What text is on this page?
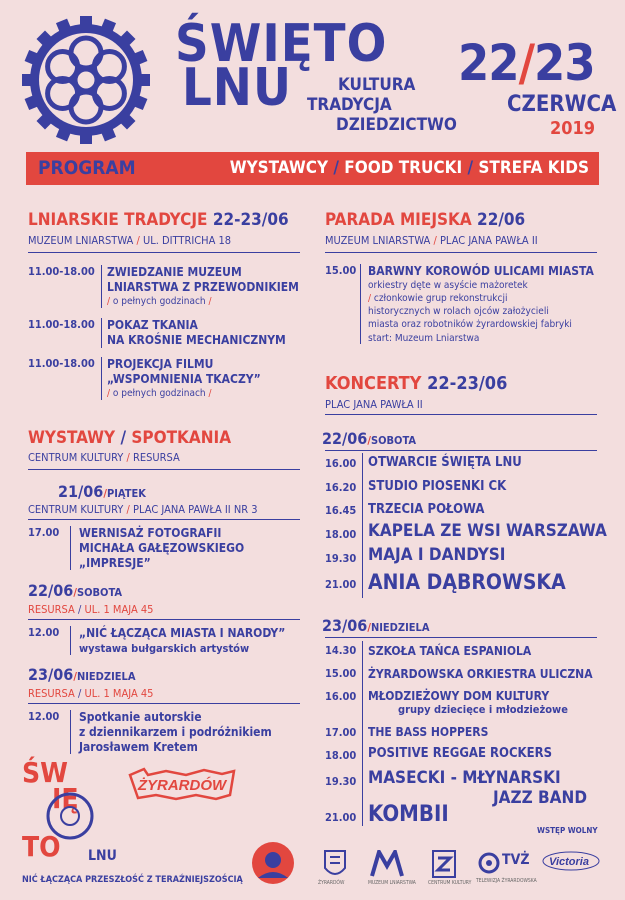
ŚWIĘTO
LNU	KULTURA
TRADYCJA
DZIEDZICTWO
22/23
CZERWCA
2019
PROGRAM	WYSTAWCY / FOOD TRUCKI / STREFA KIDS
LNIARSKIE TRADYCJE 22-23/06
MUZEUM LNIARSTWA / UL. DITTRICHA 18
11.00-18.00 ZWIEDZANIE MUZEUM
LNIARSTWA Z PRZEWODNIKIEM
/ o pełnych godzinach /
11.00-18.00 POKAZ TKANIA
NA KROŚNIE MECHANICZNYM
11.00-18.00 PROJEKCJA FILMU
„WSPOMNIENIA TKACZY”
/ o pełnych godzinach /
WYSTAWY / SPOTKANIA
CENTRUM KULTURY / RESURSA
21/06/PIĄTEK
CENTRUM KULTURY / PLAC JANA PAWŁA II NR 3
17.00 WERNISAŻ FOTOGRAFII
MICHAŁA GAŁĘZOWSKIEGO
„IMPRESJE”
22/06/SOBOTA
RESURSA / UL. 1 MAJA 45
12.00 „NIĆ ŁĄCZĄCA MIASTA I NARODY”
wystawa bułgarskich artystów
23/06/NIEDZIELA
RESURSA / UL. 1 MAJA 45
12.00 Spotkanie autorskie
z dziennikarzem i podróżnikiem
Jarosławem Kretem
PARADA MIEJSKA 22/06
MUZEUM LNIARSTWA / PLAC JANA PAWŁA II
15.00 BARWNY KOROWÓD ULICAMI MIASTA
orkiestry dęte w asyście mażoretek
/ członkowie grup rekonstrukcji
historycznych w rolach ojców założycieli
miasta oraz robotników żyrardowskiej fabryki
start: Muzeum Lniarstwa
KONCERTY 22-23/06
PLAC JANA PAWŁA II
22/06/SOBOTA
16.00 OTWARCIE ŚWIĘTA LNU
16.20 STUDIO PIOSENKI CK
16.45 TRZECIA POŁOWA
18.00 KAPELA ZE WSI WARSZAWA
19.30 MAJA I DANDYSI
21.00 ANIA DĄBROWSKA
23/06/NIEDZIELA
14.30 SZKOŁA TAŃCA ESPANIOLA
15.00 ŻYRARDOWSKA ORKIESTRA ULICZNA
16.00 MŁODZIEŻOWY DOM KULTURY
grupy dziecięce i młodzieżowe
17.00 THE BASS HOPPERS
18.00 POSITIVE REGGAE ROCKERS
19.30 MASECKI - MŁYNARSKI
JAZZ BAND
21.00 KOMBII
WSTĘP WOLNY
ŚW
IĘ
TO LNU
NIĆ ŁĄCZĄCA PRZESZŁOŚĆ Z TERAŹNIEJSZOŚCIĄ
ŻYRARDÓW
ŻYRARDÓW	MUZEUM LNIARSTWA CENTRUM KULTURY
TVŻ
TELEWIZJA ŻYRARDOWSKA
Victoria
